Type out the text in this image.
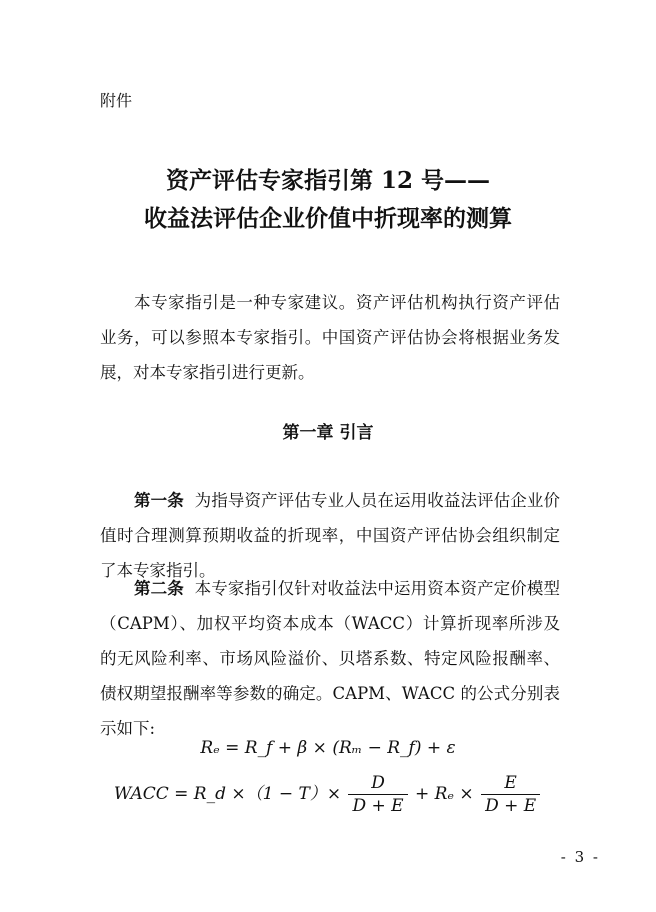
附件
资产评估专家指引第 12 号——
收益法评估企业价值中折现率的测算

本专家指引是一种专家建议。资产评估机构执行资产评估业务，可以参照本专家指引。中国资产评估协会将根据业务发展，对本专家指引进行更新。

第一章 引言

第一条 为指导资产评估专业人员在运用收益法评估企业价值时合理测算预期收益的折现率，中国资产评估协会组织制定了本专家指引。

第二条 本专家指引仅针对收益法中运用资本资产定价模型（CAPM）、加权平均资本成本（WACC）计算折现率所涉及的无风险利率、市场风险溢价、贝塔系数、特定风险报酬率、债权期望报酬率等参数的确定。CAPM、WACC 的公式分别表示如下:

Rₑ = R_f + β × (Rₘ − R_f) + ε
WACC = R_d $\times(1 - T)\times \frac{D}{D + E} + R_e \times \frac{E}{D + E}$
- 3 -
